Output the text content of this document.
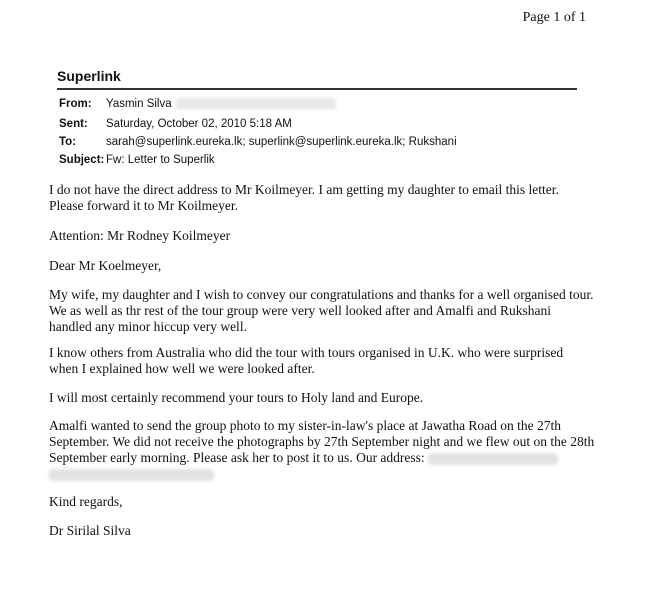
Page 1 of 1
Superlink
From:	Yasmin Silva
Sent:	Saturday, October 02, 2010 5:18 AM
To:	sarah@superlink.eureka.lk; superlink@superlink.eureka.lk; Rukshani
Subject: Fw: Letter to Superlik

I do not have the direct address to Mr Koilmeyer. I am getting my daughter to email this letter.

Please forward it to Mr Koilmeyer.

Attention: Mr Rodney Koilmeyer

Dear Mr Koelmeyer,

My wife, my daughter and I wish to convey our congratulations and thanks for a well organised tour.

We as well as thr rest of the tour group were very well looked after and Amalfi and Rukshani

handled any minor hiccup very well.

I know others from Australia who did the tour with tours organised in U.K. who were surprised

when I explained how well we were looked after.

I will most certainly recommend your tours to Holy land and Europe.

Amalfi wanted to send the group photo to my sister-in-law's place at Jawatha Road on the 27th

September. We did not receive the photographs by 27th September night and we flew out on the 28th

September early morning. Please ask her to post it to us. Our address:

Kind regards,

Dr Sirilal Silva
